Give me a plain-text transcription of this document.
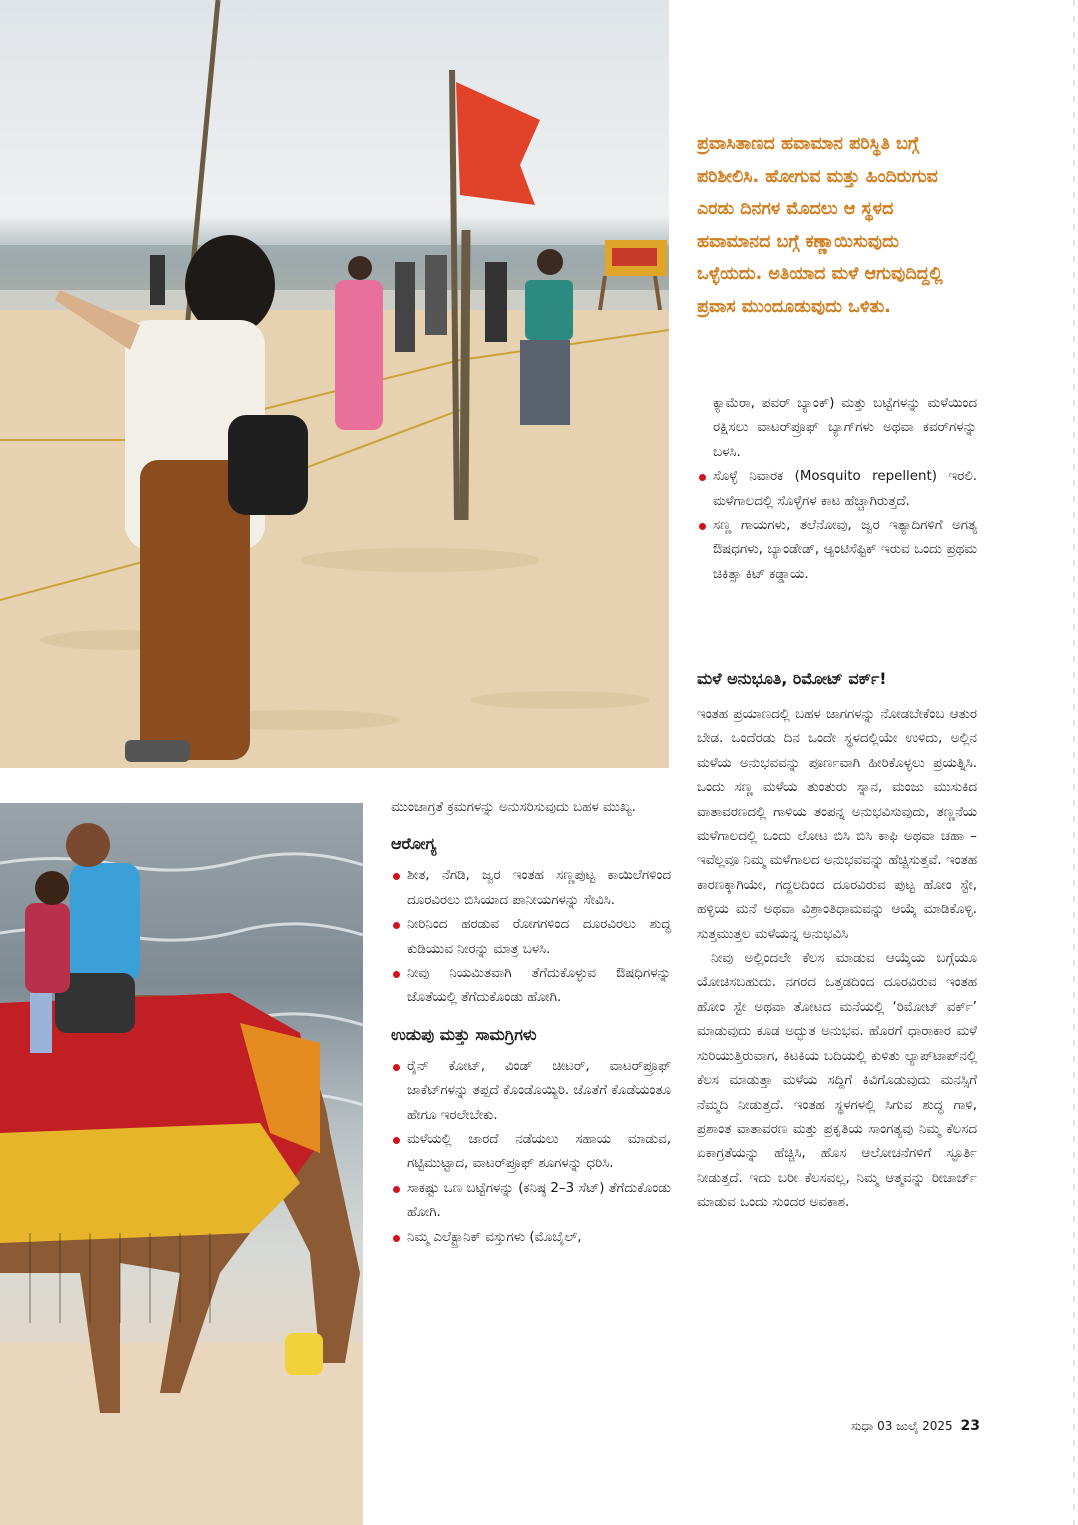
ಪ್ರವಾಸಿತಾಣದ ಹವಾಮಾನ ಪರಿಸ್ಥಿತಿ ಬಗ್ಗೆ ಪರಿಶೀಲಿಸಿ. ಹೋಗುವ ಮತ್ತು ಹಿಂದಿರುಗುವ ಎರಡು ದಿನಗಳ ಮೊದಲು ಆ ಸ್ಥಳದ ಹವಾಮಾನದ ಬಗ್ಗೆ ಕಣ್ಣಾಯಿಸುವುದು ಒಳ್ಳೆಯದು. ಅತಿಯಾದ ಮಳೆ ಆಗುವುದಿದ್ದಲ್ಲಿ ಪ್ರವಾಸ ಮುಂದೂಡುವುದು ಒಳಿತು.

ಮುಂಜಾಗ್ರತೆ ಕ್ರಮಗಳನ್ನು ಅನುಸರಿಸುವುದು ಬಹಳ ಮುಖ್ಯ.

ಆರೋಗ್ಯ
ಶೀತ, ನೆಗಡಿ, ಜ್ವರ ಇಂತಹ ಸಣ್ಣಪುಟ್ಟ ಕಾಯಿಲೆಗಳಿಂದ ದೂರವಿರಲು ಬಿಸಿಯಾದ ಪಾನೀಯಗಳನ್ನು ಸೇವಿಸಿ.
ನೀರಿನಿಂದ ಹರಡುವ ರೋಗಗಳಿಂದ ದೂರವಿರಲು ಶುದ್ಧ ಕುಡಿಯುವ ನೀರನ್ನು ಮಾತ್ರ ಬಳಸಿ.
ನೀವು ನಿಯಮಿತವಾಗಿ ತೆಗೆದುಕೊಳ್ಳುವ ಔಷಧಿಗಳನ್ನು ಜೊತೆಯಲ್ಲಿ ತೆಗೆದುಕೊಂಡು ಹೋಗಿ.
ಉಡುಪು ಮತ್ತು ಸಾಮಗ್ರಿಗಳು
ರೈನ್ ಕೋಟ್, ವಿಂಡ್ ಚೀಟರ್, ವಾಟರ್‌ಪ್ರೂಫ್ ಜಾಕೆಟ್‌ಗಳನ್ನು ತಪ್ಪದೆ ಕೊಂಡೊಯ್ಯಿರಿ. ಜೊತೆಗೆ ಕೊಡೆಯಂತೂ ಹೇಗೂ ಇರಲೇಬೇಕು.
ಮಳೆಯಲ್ಲಿ ಜಾರದೆ ನಡೆಯಲು ಸಹಾಯ ಮಾಡುವ, ಗಟ್ಟಿಮುಟ್ಟಾದ, ವಾಟರ್‌ಪ್ರೂಫ್ ಶೂಗಳನ್ನು ಧರಿಸಿ.
ಸಾಕಷ್ಟು ಒಣ ಬಟ್ಟೆಗಳನ್ನು (ಕನಿಷ್ಠ 2–3 ಸೆಟ್) ತೆಗೆದುಕೊಂಡು ಹೋಗಿ.
ನಿಮ್ಮ ಎಲೆಕ್ಟ್ರಾನಿಕ್ ವಸ್ತುಗಳು (ಮೊಬೈಲ್,

ಕ್ಯಾಮೆರಾ, ಪವರ್ ಬ್ಯಾಂಕ್) ಮತ್ತು ಬಟ್ಟೆಗಳನ್ನು ಮಳೆಯಿಂದ ರಕ್ಷಿಸಲು ವಾಟರ್‌ಪ್ರೂಫ್ ಬ್ಯಾಗ್‌ಗಳು ಅಥವಾ ಕವರ್‌ಗಳನ್ನು ಬಳಸಿ.

ಸೊಳ್ಳೆ ನಿವಾರಕ (Mosquito repellent) ಇರಲಿ. ಮಳೆಗಾಲದಲ್ಲಿ ಸೊಳ್ಳೆಗಳ ಕಾಟ ಹೆಚ್ಚಾಗಿರುತ್ತದೆ.
ಸಣ್ಣ ಗಾಯಗಳು, ತಲೆನೋವು, ಜ್ವರ ಇತ್ಯಾದಿಗಳಿಗೆ ಅಗತ್ಯ ಔಷಧಗಳು, ಬ್ಯಾಂಡೇಡ್, ಆ್ಯಂಟಿಸೆಪ್ಟಿಕ್ ಇರುವ ಒಂದು ಪ್ರಥಮ ಚಿಕಿತ್ಸಾ ಕಿಟ್ ಕಡ್ಡಾಯ.
ಮಳೆ ಅನುಭೂತಿ, ರಿಮೋಟ್ ವರ್ಕ್!

ಇಂತಹ ಪ್ರಯಾಣದಲ್ಲಿ ಬಹಳ ಜಾಗಗಳನ್ನು ನೋಡಬೇಕೆಂಬ ಆತುರ ಬೇಡ. ಒಂದೆರಡು ದಿನ ಒಂದೇ ಸ್ಥಳದಲ್ಲಿಯೇ ಉಳಿದು, ಅಲ್ಲಿನ ಮಳೆಯ ಅನುಭವವನ್ನು ಪೂರ್ಣವಾಗಿ ಹೀರಿಕೊಳ್ಳಲು ಪ್ರಯತ್ನಿಸಿ. ಒಂದು ಸಣ್ಣ ಮಳೆಯ ತುಂತುರು ಸ್ನಾನ, ಮಂಜು ಮುಸುಕಿದ ವಾತಾವರಣದಲ್ಲಿ ಗಾಳಿಯ ತಂಪನ್ನ ಅನುಭವಿಸುವುದು, ತಣ್ಣನೆಯ ಮಳೆಗಾಲದಲ್ಲಿ ಒಂದು ಲೋಟ ಬಿಸಿ ಬಿಸಿ ಕಾಫಿ ಅಥವಾ ಚಹಾ – ಇವೆಲ್ಲವೂ ನಿಮ್ಮ ಮಳೆಗಾಲದ ಅನುಭವವನ್ನು ಹೆಚ್ಚಿಸುತ್ತವೆ. ಇಂತಹ ಕಾರಣಕ್ಕಾಗಿಯೇ, ಗದ್ದಲದಿಂದ ದೂರವಿರುವ ಪುಟ್ಟ ಹೋಂ ಸ್ಟೇ, ಹಳ್ಳಿಯ ಮನೆ ಅಥವಾ ವಿಶ್ರಾಂತಿಧಾಮವನ್ನು ಆಯ್ಕೆ ಮಾಡಿಕೊಳ್ಳಿ. ಸುತ್ತಮುತ್ತಲ ಮಳೆಯನ್ನ ಅನುಭವಿಸಿ

ನೀವು ಅಲ್ಲಿಂದಲೇ ಕೆಲಸ ಮಾಡುವ ಆಯ್ಕೆಯ ಬಗ್ಗೆಯೂ ಯೋಚಿಸಬಹುದು. ನಗರದ ಒತ್ತಡದಿಂದ ದೂರವಿರುವ ಇಂತಹ ಹೋಂ ಸ್ಟೇ ಅಥವಾ ತೋಟದ ಮನೆಯಲ್ಲಿ ‘ರಿಮೋಟ್ ವರ್ಕ್’ ಮಾಡುವುದು ಕೂಡ ಅದ್ಭುತ ಅನುಭವ. ಹೊರಗೆ ಧಾರಾಕಾರ ಮಳೆ ಸುರಿಯುತ್ತಿರುವಾಗ, ಕಿಟಕಿಯ ಬದಿಯಲ್ಲಿ ಕುಳಿತು ಲ್ಯಾಪ್‌ಟಾಪ್‌ನಲ್ಲಿ ಕೆಲಸ ಮಾಡುತ್ತಾ ಮಳೆಯ ಸದ್ದಿಗೆ ಕಿವಿಗೊಡುವುದು ಮನಸ್ಸಿಗೆ ನೆಮ್ಮದಿ ನೀಡುತ್ತದೆ. ಇಂತಹ ಸ್ಥಳಗಳಲ್ಲಿ ಸಿಗುವ ಶುದ್ಧ ಗಾಳಿ, ಪ್ರಶಾಂತ ವಾತಾವರಣ ಮತ್ತು ಪ್ರಕೃತಿಯ ಸಾಂಗತ್ಯವು ನಿಮ್ಮ ಕೆಲಸದ ಏಕಾಗ್ರತೆಯನ್ನು ಹೆಚ್ಚಿಸಿ, ಹೊಸ ಆಲೋಚನೆಗಳಿಗೆ ಸ್ಫೂರ್ತಿ ನೀಡುತ್ತದೆ. ಇದು ಬರೀ ಕೆಲಸವಲ್ಲ, ನಿಮ್ಮ ಆತ್ಮವನ್ನು ರೀಚಾರ್ಜ್ ಮಾಡುವ ಒಂದು ಸುಂದರ ಅವಕಾಶ.

ಸುಧಾ 03 ಜುಲೈ 2025 23
